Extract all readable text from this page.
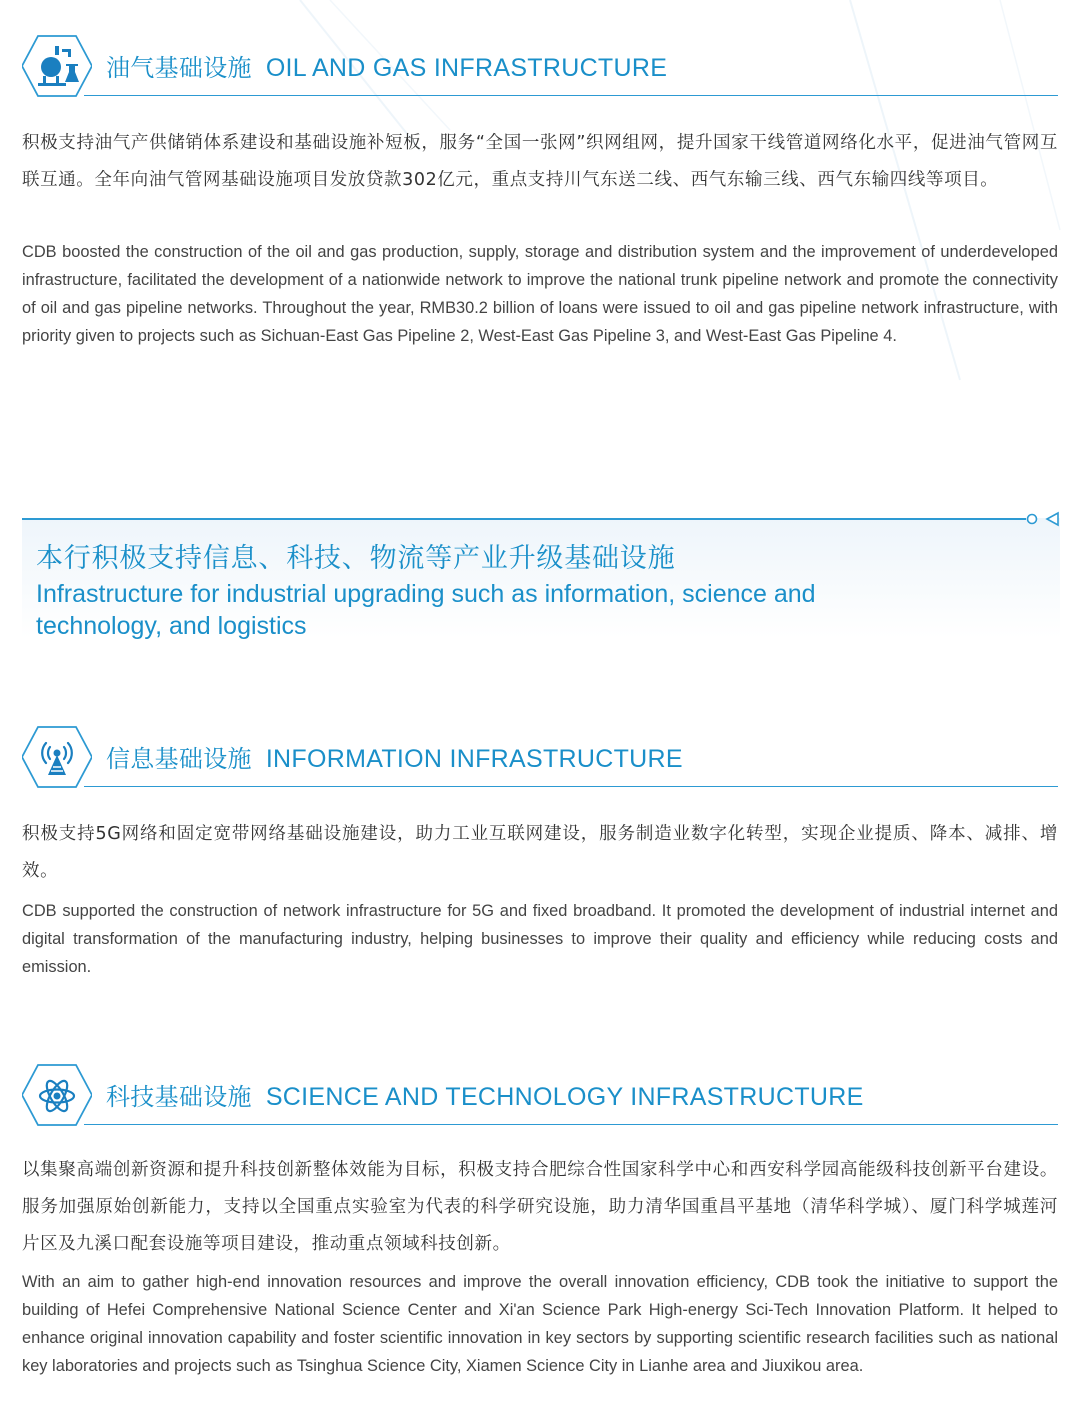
油气基础设施 OIL AND GAS INFRASTRUCTURE
积极支持油气产供储销体系建设和基础设施补短板，服务“全国一张网”织网组网，提升国家干线管道网络化水平，促进油气管网互联互通。全年向油气管网基础设施项目发放贷款302亿元，重点支持川气东送二线、西气东输三线、西气东输四线等项目。
CDB boosted the construction of the oil and gas production, supply, storage and distribution system and the improvement of underdeveloped infrastructure, facilitated the development of a nationwide network to improve the national trunk pipeline network and promote the connectivity of oil and gas pipeline networks. Throughout the year, RMB30.2 billion of loans were issued to oil and gas pipeline network infrastructure, with priority given to projects such as Sichuan-East Gas Pipeline 2, West-East Gas Pipeline 3, and West-East Gas Pipeline 4.
本行积极支持信息、科技、物流等产业升级基础设施
Infrastructure for industrial upgrading such as information, science and technology, and logistics
信息基础设施 INFORMATION INFRASTRUCTURE
积极支持5G网络和固定宽带网络基础设施建设，助力工业互联网建设，服务制造业数字化转型，实现企业提质、降本、减排、增效。
CDB supported the construction of network infrastructure for 5G and fixed broadband. It promoted the development of industrial internet and digital transformation of the manufacturing industry, helping businesses to improve their quality and efficiency while reducing costs and emission.
科技基础设施 SCIENCE AND TECHNOLOGY INFRASTRUCTURE
以集聚高端创新资源和提升科技创新整体效能为目标，积极支持合肥综合性国家科学中心和西安科学园高能级科技创新平台建设。服务加强原始创新能力，支持以全国重点实验室为代表的科学研究设施，助力清华国重昌平基地（清华科学城）、厦门科学城莲河片区及九溪口配套设施等项目建设，推动重点领域科技创新。
With an aim to gather high-end innovation resources and improve the overall innovation efficiency, CDB took the initiative to support the building of Hefei Comprehensive National Science Center and Xi'an Science Park High-energy Sci-Tech Innovation Platform. It helped to enhance original innovation capability and foster scientific innovation in key sectors by supporting scientific research facilities such as national key laboratories and projects such as Tsinghua Science City, Xiamen Science City in Lianhe area and Jiuxikou area.
